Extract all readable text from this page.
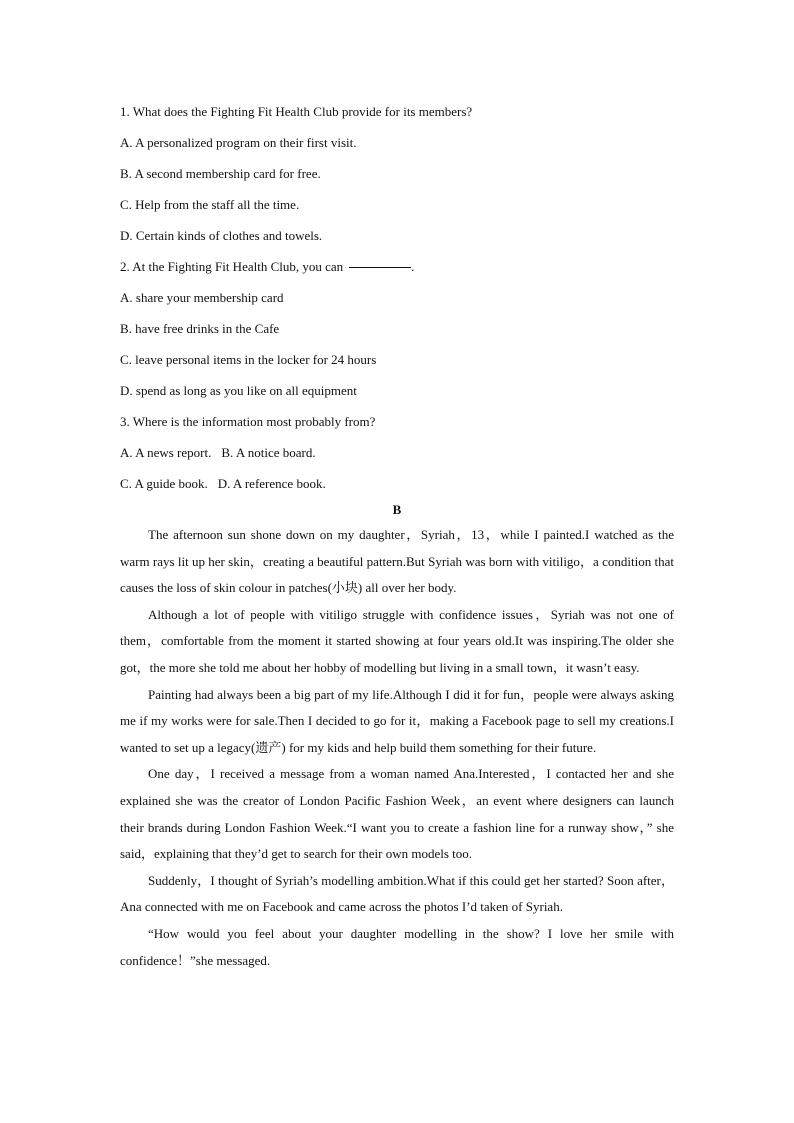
1. What does the Fighting Fit Health Club provide for its members?
A. A personalized program on their first visit.
B. A second membership card for free.
C. Help from the staff all the time.
D. Certain kinds of clothes and towels.
2. At the Fighting Fit Health Club, you can	.
A. share your membership card
B. have free drinks in the Cafe
C. leave personal items in the locker for 24 hours
D. spend as long as you like on all equipment
3. Where is the information most probably from?
A. A news report. B. A notice board.
C. A guide book. D. A reference book.
B

The afternoon sun shone down on my daughter，Syriah，13，while I painted.I watched as the warm rays lit up her skin，creating a beautiful pattern.But Syriah was born with vitiligo，a condition that causes the loss of skin colour in patches(小块) all over her body.

Although a lot of people with vitiligo struggle with confidence issues，Syriah was not one of them，comfortable from the moment it started showing at four years old.It was inspiring.The older she got，the more she told me about her hobby of modelling but living in a small town，it wasn’t easy.

Painting had always been a big part of my life.Although I did it for fun，people were always asking me if my works were for sale.Then I decided to go for it，making a Facebook page to sell my creations.I wanted to set up a legacy(遗产) for my kids and help build them something for their future.

One day，I received a message from a woman named Ana.Interested，I contacted her and she explained she was the creator of London Pacific Fashion Week，an event where designers can launch their brands during London Fashion Week.“I want you to create a fashion line for a runway show，” she said，explaining that they’d get to search for their own models too.

Suddenly，I thought of Syriah’s modelling ambition.What if this could get her started? Soon after，Ana connected with me on Facebook and came across the photos I’d taken of Syriah.

“How would you feel about your daughter modelling in the show? I love her smile with confidence！”she messaged.
